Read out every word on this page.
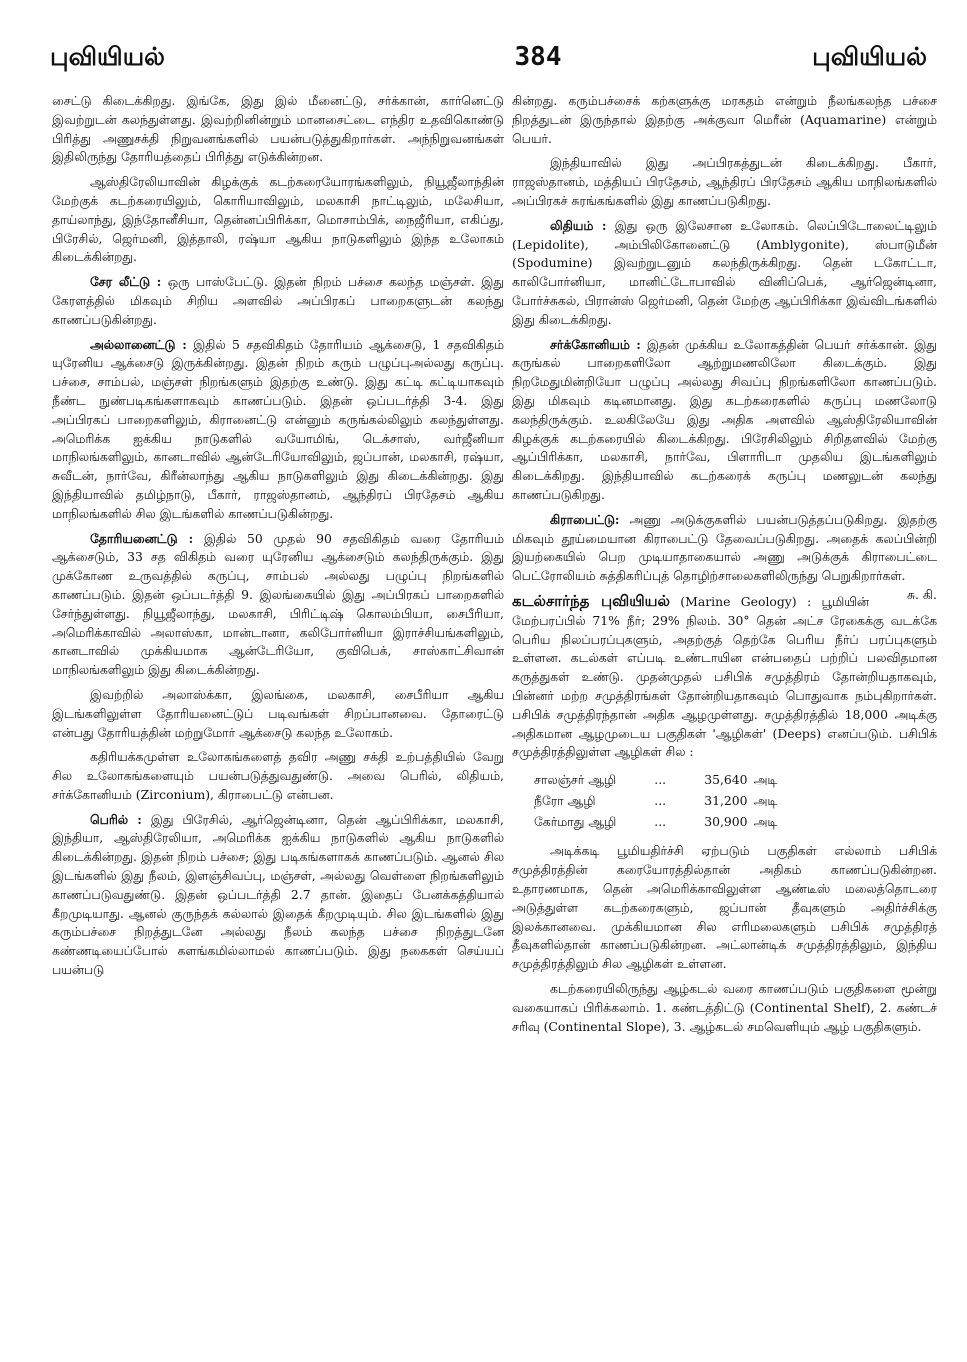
புவியியல்	384	புவியியல்

சைட்டு கிடைக்கிறது. இங்கே, இது இல் மீனைட்டு, சர்க்கான், கார்னெட்டு இவற்றுடன் கலந்துள்ளது. இவற்றினின்றும் மானசைட்டை எந்திர உதவிகொண்டு பிரித்து அணுசக்தி நிறுவனங்களில் பயன்படுத்துகிறார்கள். அந்நிறுவனங்கள் இதிலிருந்து தோரியத்தைப் பிரித்து எடுக்கின்றன.

ஆஸ்திரேலியாவின் கிழக்குக் கடற்கரையோரங்களிலும், நியூஜீலாந்தின் மேற்குக் கடற்கரையிலும், கொரியாவிலும், மலகாசி நாட்டிலும், மலேசியா, தாய்லாந்து, இந்தோனீசியா, தென்னப்பிரிக்கா, மொசாம்பிக், நைஜீரியா, எகிப்து, பிரேசில், ஜெர்மனி, இத்தாலி, ரஷ்யா ஆகிய நாடுகளிலும் இந்த உலோகம் கிடைக்கின்றது.

சேர லீட்டு : ஒரு பாஸ்பேட்டு. இதன் நிறம் பச்சை கலந்த மஞ்சள். இது கேரளத்தில் மிகவும் சிறிய அளவில் அப்பிரகப் பாறைகளுடன் கலந்து காணப்படுகின்றது.

அல்லானைட்டு : இதில் 5 சதவிகிதம் தோரியம் ஆக்சைடு, 1 சதவிகிதம் யுரேனிய ஆக்சைடு இருக்கின்றது. இதன் நிறம் கரும் பழுப்புஅல்லது கருப்பு. பச்சை, சாம்பல், மஞ்சள் நிறங்களும் இதற்கு உண்டு. இது கட்டி கட்டியாகவும் நீண்ட நுண்படிகங்களாகவும் காணப்படும். இதன் ஒப்படர்த்தி 3-4. இது அப்பிரகப் பாறைகளிலும், கிரானைட்டு என்னும் கருங்கல்லிலும் கலந்துள்ளது. அமெரிக்க ஐக்கிய நாடுகளில் வயோமிங், டெக்சாஸ், வர்ஜீனியா மாநிலங்களிலும், கானடாவில் ஆன்டேரியோவிலும், ஜப்பான், மலகாசி, ரஷ்யா, சுவீடன், நார்வே, கிரீன்லாந்து ஆகிய நாடுகளிலும் இது கிடைக்கின்றது. இது இந்தியாவில் தமிழ்நாடு, பீகார், ராஜஸ்தானம், ஆந்திரப் பிரதேசம் ஆகிய மாநிலங்களில் சில இடங்களில் காணப்படுகின்றது.

தோரியனைட்டு : இதில் 50 முதல் 90 சதவிகிதம் வரை தோரியம் ஆக்சைடும், 33 சத விகிதம் வரை யுரேனிய ஆக்சைடும் கலந்திருக்கும். இது முக்கோண உருவத்தில் கருப்பு, சாம்பல் அல்லது பழுப்பு நிறங்களில் காணப்படும். இதன் ஒப்படர்த்தி 9. இலங்கையில் இது அப்பிரகப் பாறைகளில் சேர்ந்துள்ளது. நியூஜீலாந்து, மலகாசி, பிரிட்டிஷ் கொலம்பியா, சைபீரியா, அமெரிக்காவில் அலாஸ்கா, மான்டானா, கலிபோர்னியா இராச்சியங்களிலும், கானடாவில் முக்கியமாக ஆன்டேரியோ, குவிபெக், சாஸ்காட்சிவான் மாநிலங்களிலும் இது கிடைக்கின்றது.

இவற்றில் அலாஸ்க்கா, இலங்கை, மலகாசி, சைபீரியா ஆகிய இடங்களிலுள்ள தோரியனைட்டுப் படிவங்கள் சிறப்பானவை. தோரைட்டு என்பது தோரியத்தின் மற்றுமோர் ஆக்சைடு கலந்த உலோகம்.

கதிரியக்கமுள்ள உலோகங்களைத் தவிர அணு சக்தி உற்பத்தியில் வேறு சில உலோகங்களையும் பயன்படுத்துவதுண்டு. அவை பெரில், லிதியம், சர்க்கோனியம் (Zirconium), கிராபைட்டு என்பன.

பெரில் : இது பிரேசில், ஆர்ஜென்டினா, தென் ஆப்பிரிக்கா, மலகாசி, இந்தியா, ஆஸ்திரேலியா, அமெரிக்க ஐக்கிய நாடுகளில் ஆகிய நாடுகளில் கிடைக்கின்றது. இதன் நிறம் பச்சை; இது படிகங்களாகக் காணப்படும். ஆனல் சில இடங்களில் இது நீலம், இளஞ்சிவப்பு, மஞ்சள், அல்லது வெள்ளை நிறங்களிலும் காணப்படுவதுண்டு. இதன் ஒப்படர்த்தி 2.7 தான். இதைப் பேனக்கத்தியால் கீறமுடியாது. ஆனல் குருந்தக் கல்லால் இதைக் கீறமுடியும். சில இடங்களில் இது கரும்பச்சை நிறத்துடனே அல்லது நீலம் கலந்த பச்சை நிறத்துடனே கண்ணடியைப்போல் களங்கமில்லாமல் காணப்படும். இது நகைகள் செய்யப் பயன்படு

கின்றது. கரும்பச்சைக் கற்களுக்கு மரகதம் என்றும் நீலங்கலந்த பச்சை நிறத்துடன் இருந்தால் இதற்கு அக்குவா மெரீன் (Aquamarine) என்றும் பெயர்.

இந்தியாவில் இது அப்பிரகத்துடன் கிடைக்கிறது. பீகார், ராஜஸ்தானம், மத்தியப் பிரதேசம், ஆந்திரப் பிரதேசம் ஆகிய மாநிலங்களில் அப்பிரகச் சுரங்கங்களில் இது காணப்படுகிறது.

லிதியம் : இது ஒரு இலேசான உலோகம். லெப்பிடோலைட்டிலும் (Lepidolite), அம்பிலிகோனைட்டு (Amblygonite), ஸ்பாடுமீன் (Spodumine) இவற்றுடனும் கலந்திருக்கிறது. தென் டகோட்டா, காலிபோர்னியா, மானிட்டோபாவில் வினிப்பெக், ஆர்ஜென்டினா, போர்ச்சுகல், பிரான்ஸ் ஜெர்மனி, தென் மேற்கு ஆப்பிரிக்கா இவ்விடங்களில் இது கிடைக்கிறது.

சர்க்கோனியம் : இதன் முக்கிய உலோகத்தின் பெயர் சர்க்கான். இது கருங்கல் பாறைகளிலோ ஆற்றுமணலிலோ கிடைக்கும். இது நிறமேதுமின்றியோ பழுப்பு அல்லது சிவப்பு நிறங்களிலோ காணப்படும். இது மிகவும் கடினமானது. இது கடற்கரைகளில் கருப்பு மணலோடு கலந்திருக்கும். உலகிலேயே இது அதிக அளவில் ஆஸ்திரேலியாவின் கிழக்குக் கடற்கரையில் கிடைக்கிறது. பிரேசிலிலும் சிறிதளவில் மேற்கு ஆப்பிரிக்கா, மலகாசி, நார்வே, பிளாரிடா முதலிய இடங்களிலும் கிடைக்கிறது. இந்தியாவில் கடற்கரைக் கருப்பு மணலுடன் கலந்து காணப்படுகிறது.

கிராபைட்டு: அணு அடுக்குகளில் பயன்படுத்தப்படுகிறது. இதற்கு மிகவும் தூய்மையான கிராபைட்டு தேவைப்படுகிறது. அதைக் கலப்பின்றி இயற்கையில் பெற முடியாதாகையால் அணு அடுக்குக் கிராபைட்டை பெட்ரோலியம் சுத்திகரிப்புத் தொழிற்சாலைகளிலிருந்து பெறுகிறார்கள்.
சு. கி.

கடல்சார்ந்த புவியியல் (Marine Geology) : பூமியின் மேற்பரப்பில் 71% நீர்; 29% நிலம். 30° தென் அட்ச ரேகைக்கு வடக்கே பெரிய நிலப்பரப்புகளும், அதற்குத் தெற்கே பெரிய நீர்ப் பரப்புகளும் உள்ளன. கடல்கள் எப்படி உண்டாயின என்பதைப் பற்றிப் பலவிதமான கருத்துகள் உண்டு. முதன்முதல் பசிபிக் சமுத்திரம் தோன்றியதாகவும், பின்னர் மற்ற சமுத்திரங்கள் தோன்றியதாகவும் பொதுவாக நம்புகிறார்கள். பசிபிக் சமுத்திரந்தான் அதிக ஆழமுள்ளது. சமுத்திரத்தில் 18,000 அடிக்கு அதிகமான ஆழமுடைய பகுதிகள் 'ஆழிகள்' (Deeps) எனப்படும். பசிபிக் சமுத்திரத்திலுள்ள ஆழிகள் சில :

சாலஞ்சர் ஆழி	...	35,640	அடி
நீரோ ஆழி	...	31,200	அடி
கேர்மாது ஆழி	...	30,900	அடி

அடிக்கடி பூமியதிர்ச்சி ஏற்படும் பகுதிகள் எல்லாம் பசிபிக் சமுத்திரத்தின் கரையோரத்தில்தான் அதிகம் காணப்படுகின்றன. உதாரணமாக, தென் அமெரிக்காவிலுள்ள ஆண்டீஸ் மலைத்தொடரை அடுத்துள்ள கடற்கரைகளும், ஜப்பான் தீவுகளும் அதிர்ச்சிக்கு இலக்கானவை. முக்கியமான சில எரிமலைகளும் பசிபிக் சமுத்திரத் தீவுகளில்தான் காணப்படுகின்றன. அட்லான்டிக் சமுத்திரத்திலும், இந்திய சமுத்திரத்திலும் சில ஆழிகள் உள்ளன.

கடற்கரையிலிருந்து ஆழ்கடல் வரை காணப்படும் பகுதிகளை மூன்று வகையாகப் பிரிக்கலாம். 1. கண்டத்திட்டு (Continental Shelf), 2. கண்டச் சரிவு (Continental Slope), 3. ஆழ்கடல் சமவெளியும் ஆழ் பகுதிகளும்.
